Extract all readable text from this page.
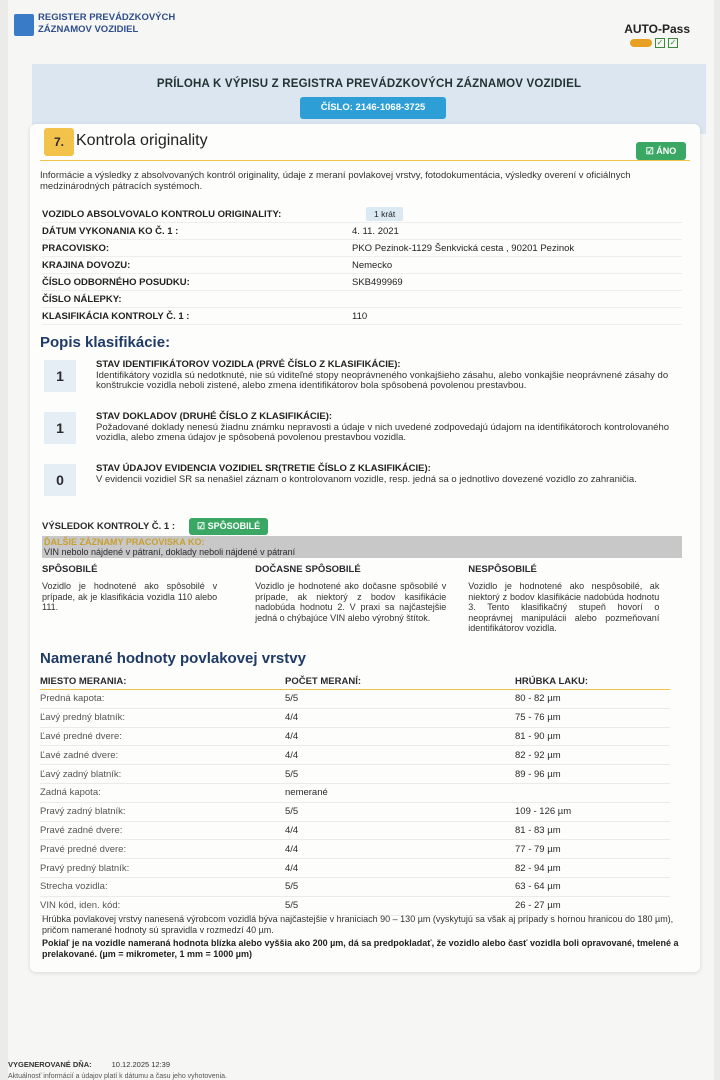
REGISTER PREVÁDZKOVÝCH
ZÁZNAMOV VOZIDIEL	AUTO-Pass
✓ ✓
PRÍLOHA K VÝPISU Z REGISTRA PREVÁDZKOVÝCH ZÁZNAMOV VOZIDIEL
ČÍSLO: 2146-1068-3725
7. Kontrola originality
☑ ÁNO
Informácie a výsledky z absolvovaných kontról originality, údaje z meraní povlakovej vrstvy, fotodokumentácia, výsledky overení v oficiálnych medzinárodných pátracích systémoch.
VOZIDLO ABSOLVOVALO KONTROLU ORIGINALITY:	1 krát
DÁTUM VYKONANIA KO Č. 1 :	4. 11. 2021
PRACOVISKO:	PKO Pezinok-1129 Šenkvická cesta , 90201 Pezinok
KRAJINA DOVOZU:	Nemecko
ČÍSLO ODBORNÉHO POSUDKU:	SKB499969
ČÍSLO NÁLEPKY:
KLASIFIKÁCIA KONTROLY Č. 1 :	110
Popis klasifikácie:
1
STAV IDENTIFIKÁTOROV VOZIDLA (PRVÉ ČÍSLO Z KLASIFIKÁCIE):
Identifikátory vozidla sú nedotknuté, nie sú viditeľné stopy neoprávneného vonkajšieho zásahu, alebo vonkajšie neoprávnené zásahy do konštrukcie vozidla neboli zistené, alebo zmena identifikátorov bola spôsobená povolenou prestavbou.
1
STAV DOKLADOV (DRUHÉ ČÍSLO Z KLASIFIKÁCIE):
Požadované doklady nenesú žiadnu známku nepravosti a údaje v nich uvedené zodpovedajú údajom na identifikátoroch kontrolovaného vozidla, alebo zmena údajov je spôsobená povolenou prestavbou vozidla.
0
STAV ÚDAJOV EVIDENCIA VOZIDIEL SR(TRETIE ČÍSLO Z KLASIFIKÁCIE):
V evidencii vozidiel SR sa nenašiel záznam o kontrolovanom vozidle, resp. jedná sa o jednotlivo dovezené vozidlo zo zahraničia.
VÝSLEDOK KONTROLY Č. 1 :	☑ SPÔSOBILÉ
ĎALŠIE ZÁZNAMY PRACOVISKA KO:
VIN nebolo nájdené v pátraní, doklady neboli nájdené v pátraní
SPÔSOBILÉ
Vozidlo je hodnotené ako spôsobilé v prípade, ak je klasifikácia vozidla 110 alebo 111.
DOČASNE SPÔSOBILÉ
Vozidlo je hodnotené ako dočasne spôsobilé v prípade, ak niektorý z bodov kasifikácie nadobúda hodnotu 2. V praxi sa najčastejšie jedná o chýbajúce VIN alebo výrobný štítok.
NESPÔSOBILÉ
Vozidlo je hodnotené ako nespôsobilé, ak niektorý z bodov klasifikácie nadobúda hodnotu 3. Tento klasifikačný stupeň hovorí o neoprávnej manipulácii alebo pozmeňovaní identifikátorov vozidla.
Namerané hodnoty povlakovej vrstvy
MIESTO MERANIA:	POČET MERANÍ:	HRÚBKA LAKU:
Predná kapota:	5/5	80 - 82 µm
Ľavý predný blatník:	4/4	75 - 76 µm
Ľavé predné dvere:	4/4	81 - 90 µm
Ľavé zadné dvere:	4/4	82 - 92 µm
Ľavý zadný blatník:	5/5	89 - 96 µm
Zadná kapota:	nemerané
Pravý zadný blatník:	5/5	109 - 126 µm
Pravé zadné dvere:	4/4	81 - 83 µm
Pravé predné dvere:	4/4	77 - 79 µm
Pravý predný blatník:	4/4	82 - 94 µm
Strecha vozidla:	5/5	63 - 64 µm
VIN kód, iden. kód:	5/5	26 - 27 µm
Hrúbka povlakovej vrstvy nanesená výrobcom vozidlá býva najčastejšie v hraniciach 90 – 130 µm (vyskytujú sa však aj prípady s hornou hranicou do 180 µm), pričom namerané hodnoty sú spravidla v rozmedzí 40 µm.
Pokiaľ je na vozidle nameraná hodnota blízka alebo vyššia ako 200 µm, dá sa predpokladať, že vozidlo alebo časť vozidla boli opravované, tmelené a prelakované. (µm = mikrometer, 1 mm = 1000 µm)
VYGENEROVANÉ DŇA:	10.12.2025 12:39
Aktuálnosť informácií a údajov platí k dátumu a času jeho vyhotovenia.
